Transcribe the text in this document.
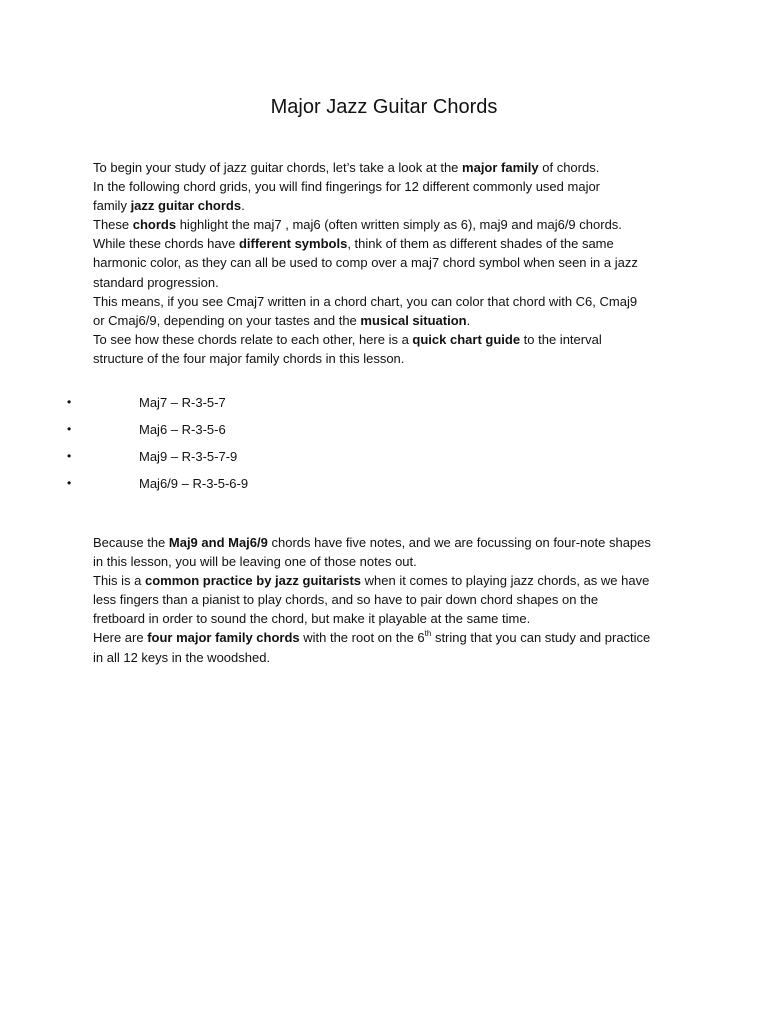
Major Jazz Guitar Chords
To begin your study of jazz guitar chords, let’s take a look at the major family of chords.
In the following chord grids, you will find fingerings for 12 different commonly used major
family jazz guitar chords.
These chords highlight the maj7 , maj6 (often written simply as 6), maj9 and maj6/9 chords.
While these chords have different symbols, think of them as different shades of the same
harmonic color, as they can all be used to comp over a maj7 chord symbol when seen in a jazz
standard progression.
This means, if you see Cmaj7 written in a chord chart, you can color that chord with C6, Cmaj9
or Cmaj6/9, depending on your tastes and the musical situation.
To see how these chords relate to each other, here is a quick chart guide to the interval
structure of the four major family chords in this lesson.
•	Maj7 – R-3-5-7
•	Maj6 – R-3-5-6
•	Maj9 – R-3-5-7-9
•	Maj6/9 – R-3-5-6-9
Because the Maj9 and Maj6/9 chords have five notes, and we are focussing on four-note shapes
in this lesson, you will be leaving one of those notes out.
This is a common practice by jazz guitarists when it comes to playing jazz chords, as we have
less fingers than a pianist to play chords, and so have to pair down chord shapes on the
fretboard in order to sound the chord, but make it playable at the same time.
Here are four major family chords with the root on the 6th string that you can study and practice
in all 12 keys in the woodshed.
